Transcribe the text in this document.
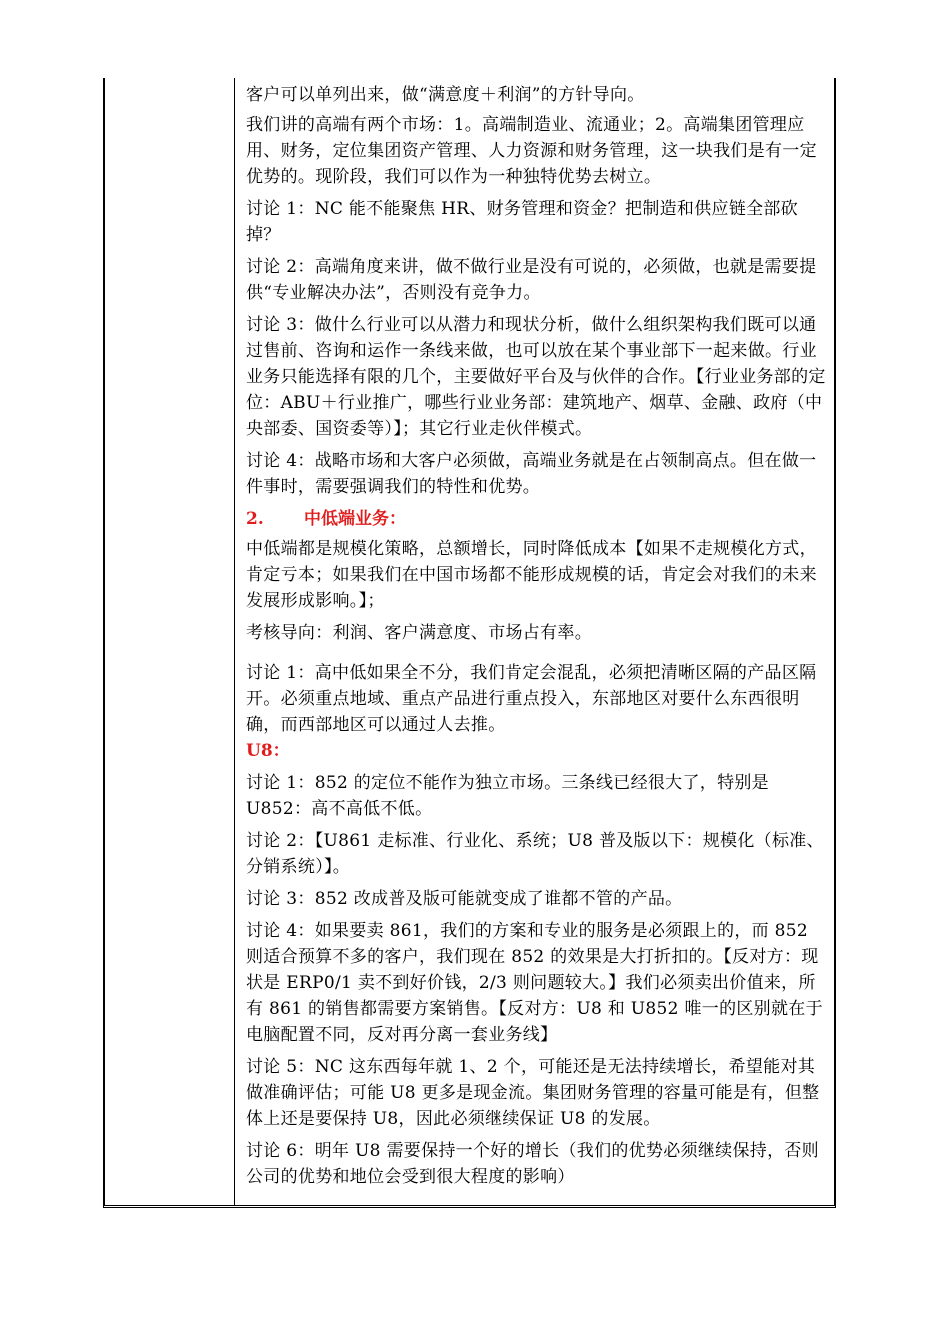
客户可以单列出来，做“满意度＋利润”的方针导向。

我们讲的高端有两个市场：1。高端制造业、流通业；2。高端集团管理应用、财务，定位集团资产管理、人力资源和财务管理，这一块我们是有一定优势的。现阶段，我们可以作为一种独特优势去树立。

讨论 1：NC 能不能聚焦 HR、财务管理和资金？把制造和供应链全部砍掉？

讨论 2：高端角度来讲，做不做行业是没有可说的，必须做，也就是需要提供“专业解决办法”，否则没有竞争力。

讨论 3：做什么行业可以从潜力和现状分析，做什么组织架构我们既可以通过售前、咨询和运作一条线来做，也可以放在某个事业部下一起来做。行业业务只能选择有限的几个，主要做好平台及与伙伴的合作。【行业业务部的定位：ABU＋行业推广，哪些行业业务部：建筑地产、烟草、金融、政府（中央部委、国资委等）】；其它行业走伙伴模式。

讨论 4：战略市场和大客户必须做，高端业务就是在占领制高点。但在做一件事时，需要强调我们的特性和优势。

2. 中低端业务：

中低端都是规模化策略，总额增长，同时降低成本【如果不走规模化方式，肯定亏本；如果我们在中国市场都不能形成规模的话，肯定会对我们的未来发展形成影响。】；

考核导向：利润、客户满意度、市场占有率。

讨论 1：高中低如果全不分，我们肯定会混乱，必须把清晰区隔的产品区隔开。必须重点地域、重点产品进行重点投入，东部地区对要什么东西很明确，而西部地区可以通过人去推。

U8：

讨论 1：852 的定位不能作为独立市场。三条线已经很大了，特别是 U852：高不高低不低。

讨论 2：【U861 走标准、行业化、系统；U8 普及版以下：规模化（标准、分销系统）】。

讨论 3：852 改成普及版可能就变成了谁都不管的产品。

讨论 4：如果要卖 861，我们的方案和专业的服务是必须跟上的，而 852 则适合预算不多的客户，我们现在 852 的效果是大打折扣的。【反对方：现状是 ERP0/1 卖不到好价钱，2/3 则问题较大。】我们必须卖出价值来，所有 861 的销售都需要方案销售。【反对方：U8 和 U852 唯一的区别就在于电脑配置不同，反对再分离一套业务线】

讨论 5：NC 这东西每年就 1、2 个，可能还是无法持续增长，希望能对其做准确评估；可能 U8 更多是现金流。集团财务管理的容量可能是有，但整体上还是要保持 U8，因此必须继续保证 U8 的发展。

讨论 6：明年 U8 需要保持一个好的增长（我们的优势必须继续保持，否则公司的优势和地位会受到很大程度的影响）
